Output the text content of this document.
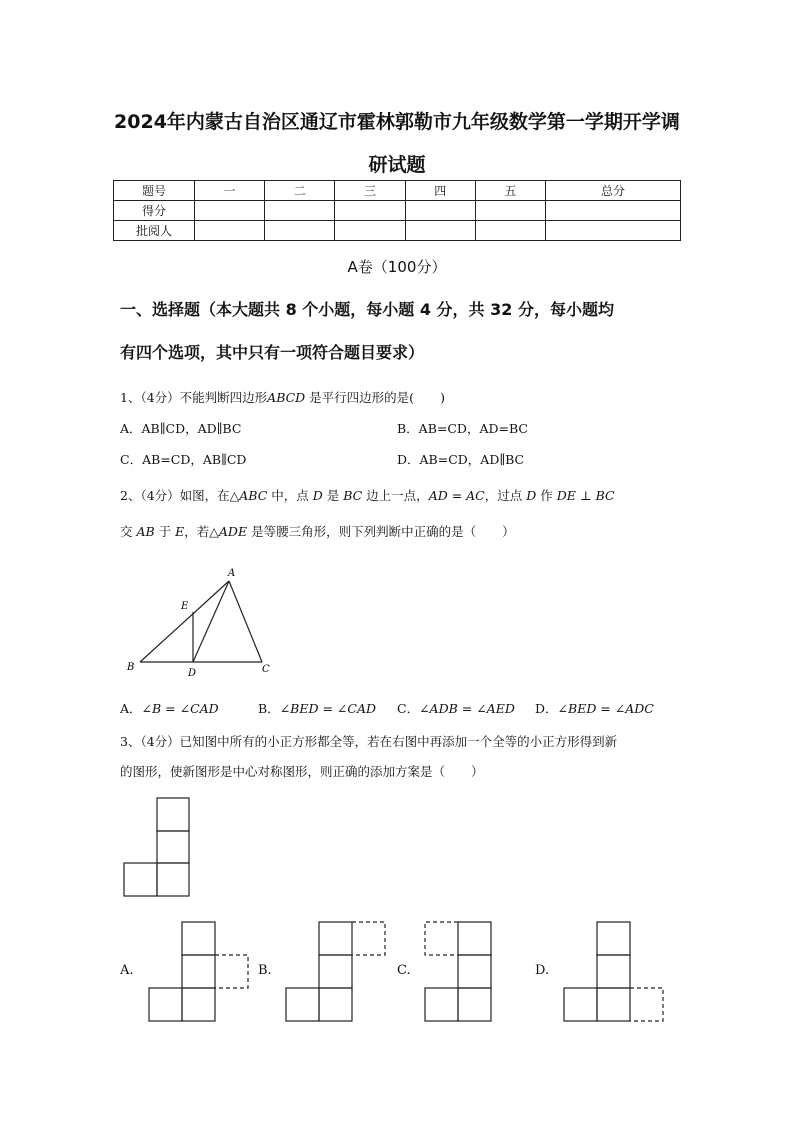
2024年内蒙古自治区通辽市霍林郭勒市九年级数学第一学期开学调
研试题
题号	一	二	三	四	五	总分
得分						
批阅人						
A卷（100分）
一、选择题（本大题共 8 个小题，每小题 4 分，共 32 分，每小题均
有四个选项，其中只有一项符合题目要求）
1、（4分）不能判断四边形ABCD 是平行四边形的是( )
A．AB∥CD，AD∥BC	B．AB=CD，AD=BC
C．AB=CD，AB∥CD	D．AB=CD，AD∥BC
2、（4分）如图，在△ABC 中，点 D 是 BC 边上一点，AD = AC，过点 D 作 DE ⊥ BC
交 AB 于 E，若△ADE 是等腰三角形，则下列判断中正确的是（ ）
A
E
B
D	C
A．∠B = ∠CAD	B．∠BED = ∠CAD C．∠ADB = ∠AED D．∠BED = ∠ADC
3、（4分）已知图中所有的小正方形都全等，若在右图中再添加一个全等的小正方形得到新
的图形，使新图形是中心对称图形，则正确的添加方案是（ ）
A.	B.	C.	D.
